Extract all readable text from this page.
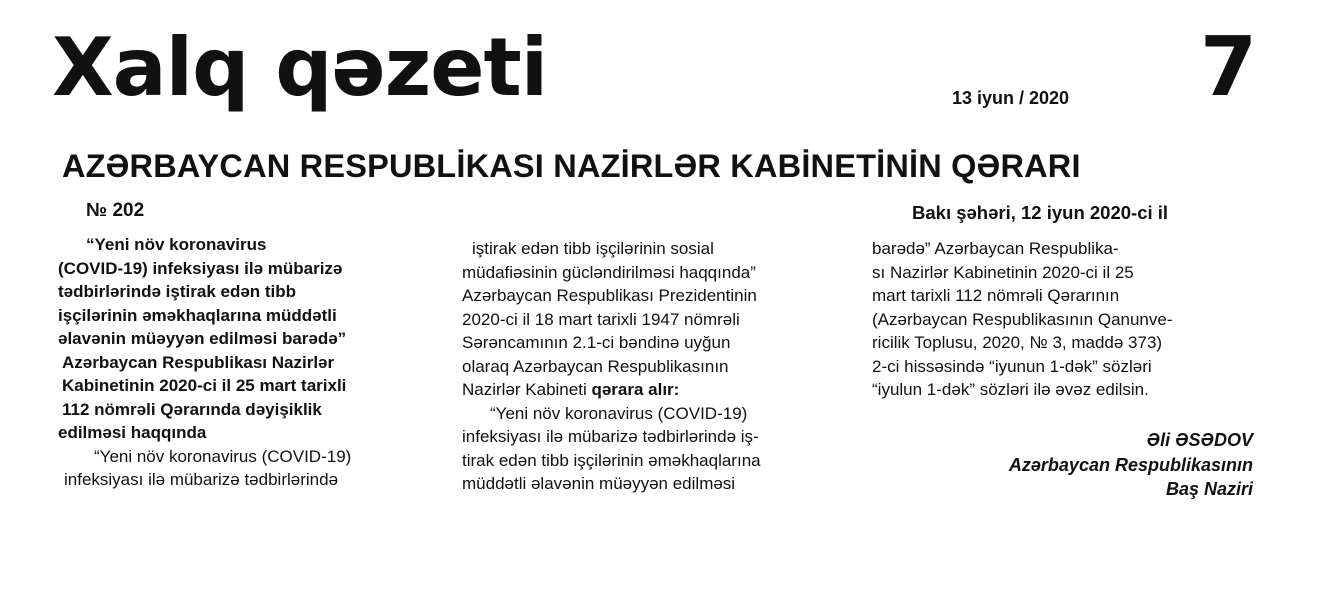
Xalq qəzeti	13 iyun / 2020 7
AZƏRBAYCAN RESPUBLİKASI NAZİRLƏR KABİNETİNİN QƏRARI
№ 202	Bakı şəhəri, 12 iyun 2020-ci il
“Yeni növ koronavirus
(COVID-19) infeksiyası ilə mübarizə
tədbirlərində iştirak edən tibb
işçilərinin əmәkhaqlarına müddətli
əlavənin müəyyən edilməsi barədə”
Azərbaycan Respublikası Nazirlər
Kabinetinin 2020-ci il 25 mart tarixli
112 nömrəli Qərarında dəyişiklik
edilməsi haqqında
“Yeni növ koronavirus (COVID-19)
infeksiyası ilə mübarizə tədbirlərində
iştirak edən tibb işçilərinin sosial
müdafiəsinin gücləndirilməsi haqqında”
Azərbaycan Respublikası Prezidentinin
2020-ci il 18 mart tarixli 1947 nömrəli
Sərəncamının 2.1-ci bəndinə uyğun
olaraq Azərbaycan Respublikasının
Nazirlər Kabineti qərara alır:
“Yeni növ koronavirus (COVID-19)
infeksiyası ilə mübarizə tədbirlərində iş-
tirak edən tibb işçilərinin əməkhaqlarına
müddətli əlavənin müəyyən edilməsi
barədə” Azərbaycan Respublika-
sı Nazirlər Kabinetinin 2020-ci il 25
mart tarixli 112 nömrəli Qərarının
(Azərbaycan Respublikasının Qanunve-
ricilik Toplusu, 2020, № 3, maddə 373)
2-ci hissəsində “iyunun 1-dək” sözləri
“iyulun 1-dək” sözləri ilə əvəz edilsin.
Əli ƏSƏDOV
Azərbaycan Respublikasının
Baş Naziri
